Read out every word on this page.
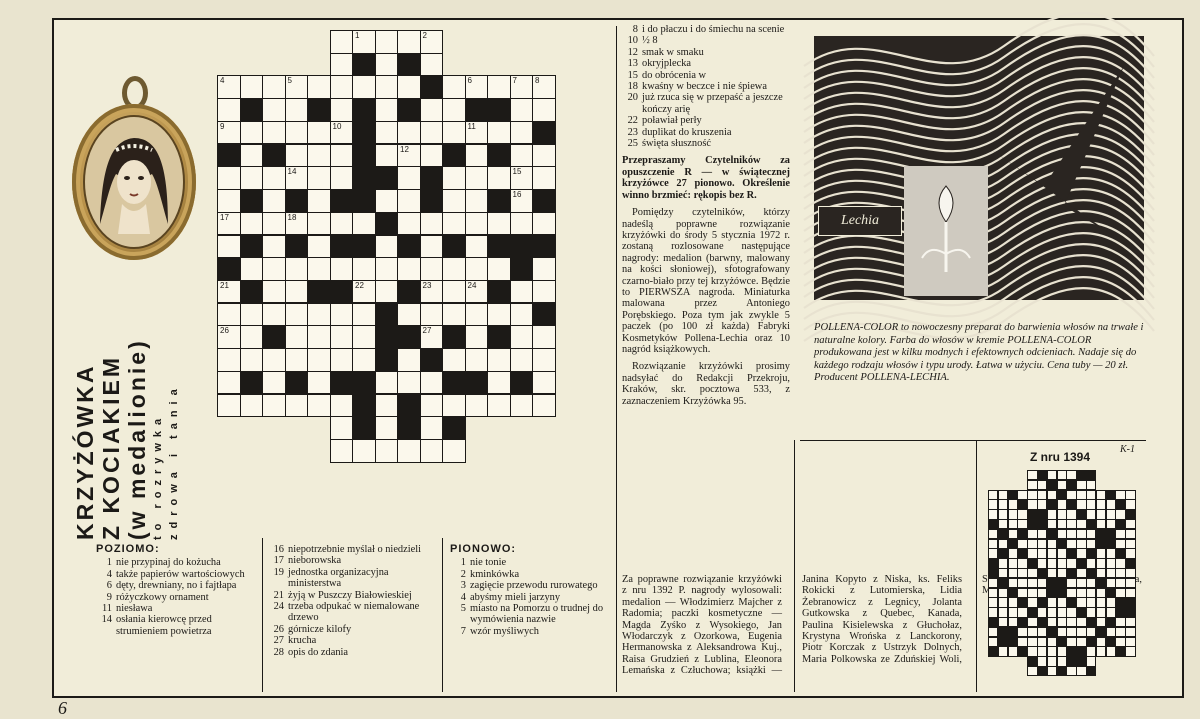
KRZYŻÓWKA Z KOCIAKIEM (w medalionie) to rozrywka zdrowa i tania
1	2
4	5	6	7 8
9	10	11
12
14	15
16
17	18
21	22	23	24
26	27
POZIOMO:
1 nie przypinaj do kożucha
4 także papierów wartościowych
6 dęty, drewniany, no i fajtłapa
9 różyczkowy ornament
11 niesława
14 osłania kierowcę przed strumieniem powietrza
16 niepotrzebnie myślał o niedzieli
17 nieborowska
19 jednostka organizacyjna ministerstwa
21 żyją w Puszczy Białowieskiej
24 trzeba odpukać w niemalowane drzewo
26 górnicze kilofy
27 krucha
28 opis do zdania
PIONOWO:
1 nie tonie
2 kminkówka
3 zagięcie przewodu rurowatego
4 abyśmy mieli jarzyny
5 miasto na Pomorzu o trudnej do wymówienia nazwie
7 wzór myśliwych
8 i do płaczu i do śmiechu na scenie
10 ½ 8
12 smak w smaku
13 okryjplecka
15 do obrócenia w
18 kwaśny w beczce i nie śpiewa
20 już rzuca się w przepaść a jeszcze kończy arię
22 poławiał perły
23 duplikat do kruszenia
25 święta słuszność
Przepraszamy Czytelników za opuszczenie R — w świątecznej krzyżówce 27 pionowo. Określenie winno brzmieć: rękopis bez R.
Pomiędzy czytelników, którzy nadeślą poprawne rozwiązanie krzyżówki do środy 5 stycznia 1972 r. zostaną rozlosowane następujące nagrody: medalion (barwny, malowany na kości słoniowej), sfotografowany czarno-biało przy tej krzyżówce. Będzie to PIERWSZA nagroda. Miniaturka malowana przez Antoniego Porębskiego. Poza tym jak zwykle 5 paczek (po 100 zł każda) Fabryki Kosmetyków Pollena-Lechia oraz 10 nagród książkowych.
Rozwiązanie krzyżówki prosimy nadsyłać do Redakcji Przekroju, Kraków, skr. pocztowa 533, z zaznaczeniem Krzyżówka 95.
Za poprawne rozwiązanie krzyżówki z nru 1392 P. nagrody wylosowali: medalion — Włodzimierz Majcher z Radomia; paczki kosmetyczne — Magda Zyśko z Wysokiego, Jan Włodarczyk z Ozorkowa, Eugenia Hermanowska z Aleksandrowa Kuj., Raisa Grudzień z Lublina, Eleonora Lemańska z Człuchowa; książki — Janina Kopyto z Niska, ks. Feliks Rokicki z Lutomierska, Lidia Żebranowicz z Legnicy, Jolanta Gutkowska z Quebec, Kanada, Paulina Kisielewska z Głuchołaz, Krystyna Wrońska z Lanckorony, Piotr Korczak z Ustrzyk Dolnych, Maria Polkowska ze Zduńskiej Woli,
Lechia
POLLENA-COLOR to nowoczesny preparat do barwienia włosów na trwałe i naturalne kolory. Farba do włosów w kremie POLLENA-COLOR produkowana jest w kilku modnych i efektownych odcieniach. Nadaje się do każdego rodzaju włosów i typu urody. Łatwa w użyciu. Cena tuby — 20 zł. Producent POLLENA-LECHIA.
K-1
Z nru 1394
6
